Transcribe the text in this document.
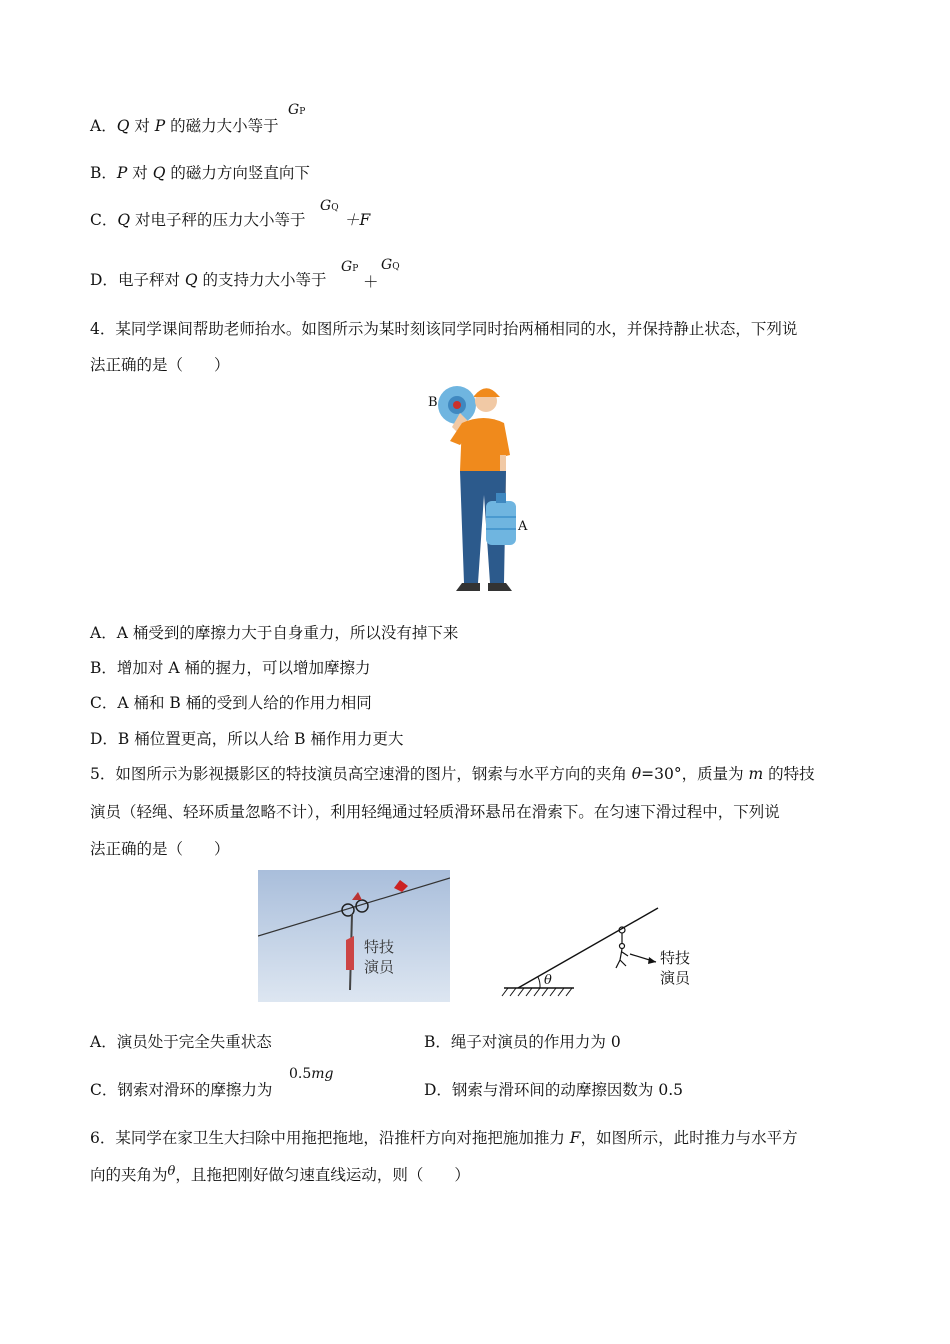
A．Q 对 P 的磁力大小等于
GP
B．P 对 Q 的磁力方向竖直向下
C．Q 对电子秤的压力大小等于
GQ
＋F
D．电子秤对 Q 的支持力大小等于
GP
＋
GQ
4．某同学课间帮助老师抬水。如图所示为某时刻该同学同时抬两桶相同的水，并保持静止状态，下列说
法正确的是（　　）
B
A
A．A 桶受到的摩擦力大于自身重力，所以没有掉下来
B．增加对 A 桶的握力，可以增加摩擦力
C．A 桶和 B 桶的受到人给的作用力相同
D．B 桶位置更高，所以人给 B 桶作用力更大
5．如图所示为影视摄影区的特技演员高空速滑的图片，钢索与水平方向的夹角 θ=30°，质量为 m 的特技
演员（轻绳、轻环质量忽略不计），利用轻绳通过轻质滑环悬吊在滑索下。在匀速下滑过程中，下列说
法正确的是（　　）
特技
演员
θ
特技
演员
A．演员处于完全失重状态	B．绳子对演员的作用力为 0
C．钢索对滑环的摩擦力为
0.5mg
D．钢索与滑环间的动摩擦因数为 0.5
6．某同学在家卫生大扫除中用拖把拖地，沿推杆方向对拖把施加推力 F，如图所示，此时推力与水平方
向的夹角为$^\theta$，且拖把刚好做匀速直线运动，则（　　）
